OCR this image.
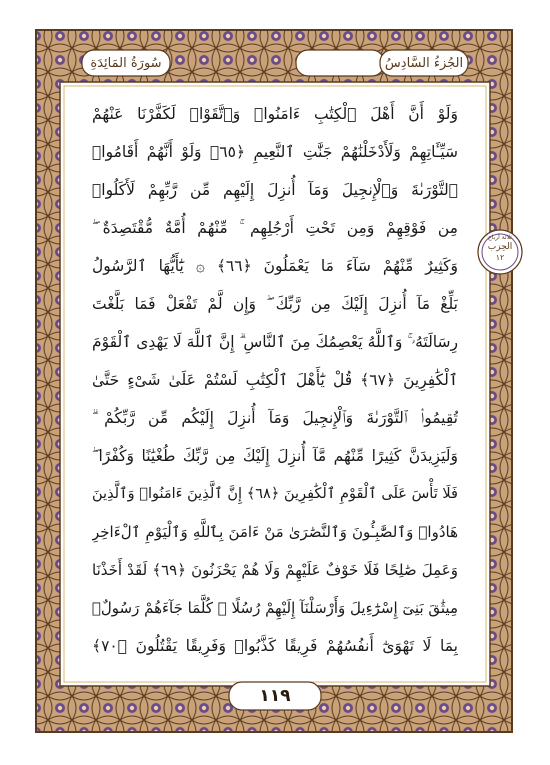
سُورَةُ المَائِدَةِ	الجُزءُ السَّادِسُ
ثلاثة أرباع
الحِزب
١٢
وَلَوْ أَنَّ أَهْلَ ٱلْكِتَٰبِ ءَامَنُوا۟ وَٱتَّقَوْا۟ لَكَفَّرْنَا عَنْهُمْ
سَيِّـَٔاتِهِمْ وَلَأَدْخَلْنَٰهُمْ جَنَّٰتِ ٱلنَّعِيمِ ﴿٦٥﴾ وَلَوْ أَنَّهُمْ أَقَامُوا۟
ٱلتَّوْرَىٰةَ وَٱلْإِنجِيلَ وَمَآ أُنزِلَ إِلَيْهِم مِّن رَّبِّهِمْ لَأَكَلُوا۟
مِن فَوْقِهِمْ وَمِن تَحْتِ أَرْجُلِهِم ۚ مِّنْهُمْ أُمَّةٌ مُّقْتَصِدَةٌ ۖ
وَكَثِيرٌ مِّنْهُمْ سَآءَ مَا يَعْمَلُونَ ﴿٦٦﴾ ۞ يَٰٓأَيُّهَا ٱلرَّسُولُ
بَلِّغْ مَآ أُنزِلَ إِلَيْكَ مِن رَّبِّكَ ۖ وَإِن لَّمْ تَفْعَلْ فَمَا بَلَّغْتَ
رِسَالَتَهُۥ ۚ وَٱللَّهُ يَعْصِمُكَ مِنَ ٱلنَّاسِ ۗ إِنَّ ٱللَّهَ لَا يَهْدِى ٱلْقَوْمَ
ٱلْكَٰفِرِينَ ﴿٦٧﴾ قُلْ يَٰٓأَهْلَ ٱلْكِتَٰبِ لَسْتُمْ عَلَىٰ شَىْءٍ حَتَّىٰ
تُقِيمُوا۟ ٱلتَّوْرَىٰةَ وَٱلْإِنجِيلَ وَمَآ أُنزِلَ إِلَيْكُم مِّن رَّبِّكُمْ ۗ
وَلَيَزِيدَنَّ كَثِيرًا مِّنْهُم مَّآ أُنزِلَ إِلَيْكَ مِن رَّبِّكَ طُغْيَٰنًا وَكُفْرًا ۖ
فَلَا تَأْسَ عَلَى ٱلْقَوْمِ ٱلْكَٰفِرِينَ ﴿٦٨﴾ إِنَّ ٱلَّذِينَ ءَامَنُوا۟ وَٱلَّذِينَ
هَادُوا۟ وَٱلصَّٰبِـُٔونَ وَٱلنَّصَٰرَىٰ مَنْ ءَامَنَ بِٱللَّهِ وَٱلْيَوْمِ ٱلْءَاخِرِ
وَعَمِلَ صَٰلِحًا فَلَا خَوْفٌ عَلَيْهِمْ وَلَا هُمْ يَحْزَنُونَ ﴿٦٩﴾ لَقَدْ أَخَذْنَا
مِيثَٰقَ بَنِىٓ إِسْرَٰٓءِيلَ وَأَرْسَلْنَآ إِلَيْهِمْ رُسُلًا ۖ كُلَّمَا جَآءَهُمْ رَسُولٌۢ
بِمَا لَا تَهْوَىٰٓ أَنفُسُهُمْ فَرِيقًا كَذَّبُوا۟ وَفَرِيقًا يَقْتُلُونَ ﴿٧٠﴾
١١٩
